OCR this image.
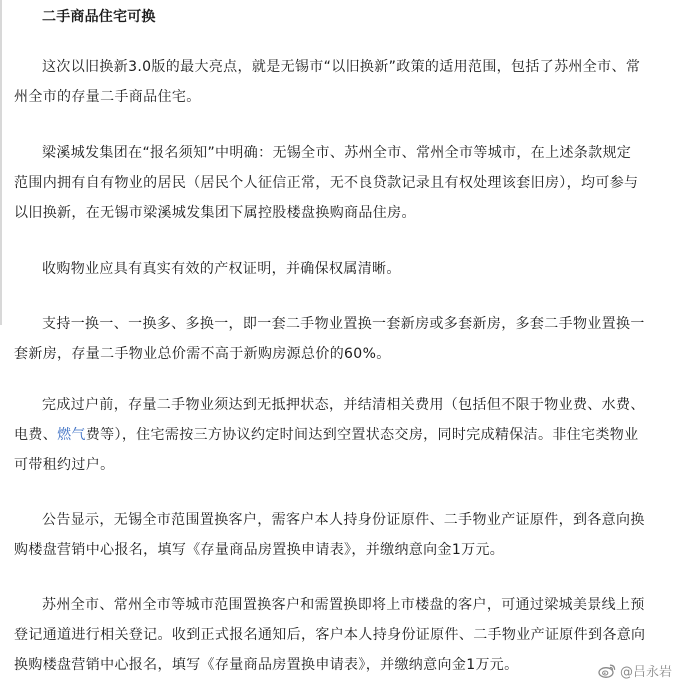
二手商品住宅可换
这次以旧换新3.0版的最大亮点，就是无锡市“以旧换新”政策的适用范围，包括了苏州全市、常
州全市的存量二手商品住宅。
梁溪城发集团在“报名须知”中明确：无锡全市、苏州全市、常州全市等城市，在上述条款规定
范围内拥有自有物业的居民（居民个人征信正常，无不良贷款记录且有权处理该套旧房），均可参与
以旧换新，在无锡市梁溪城发集团下属控股楼盘换购商品住房。
收购物业应具有真实有效的产权证明，并确保权属清晰。
支持一换一、一换多、多换一，即一套二手物业置换一套新房或多套新房，多套二手物业置换一
套新房，存量二手物业总价需不高于新购房源总价的60%。
完成过户前，存量二手物业须达到无抵押状态，并结清相关费用（包括但不限于物业费、水费、
电费、燃气费等），住宅需按三方协议约定时间达到空置状态交房，同时完成精保洁。非住宅类物业
可带租约过户。
公告显示，无锡全市范围置换客户，需客户本人持身份证原件、二手物业产证原件，到各意向换
购楼盘营销中心报名，填写《存量商品房置换申请表》，并缴纳意向金1万元。
苏州全市、常州全市等城市范围置换客户和需置换即将上市楼盘的客户，可通过梁城美景线上预
登记通道进行相关登记。收到正式报名通知后，客户本人持身份证原件、二手物业产证原件到各意向
换购楼盘营销中心报名，填写《存量商品房置换申请表》，并缴纳意向金1万元。	@吕永岩
